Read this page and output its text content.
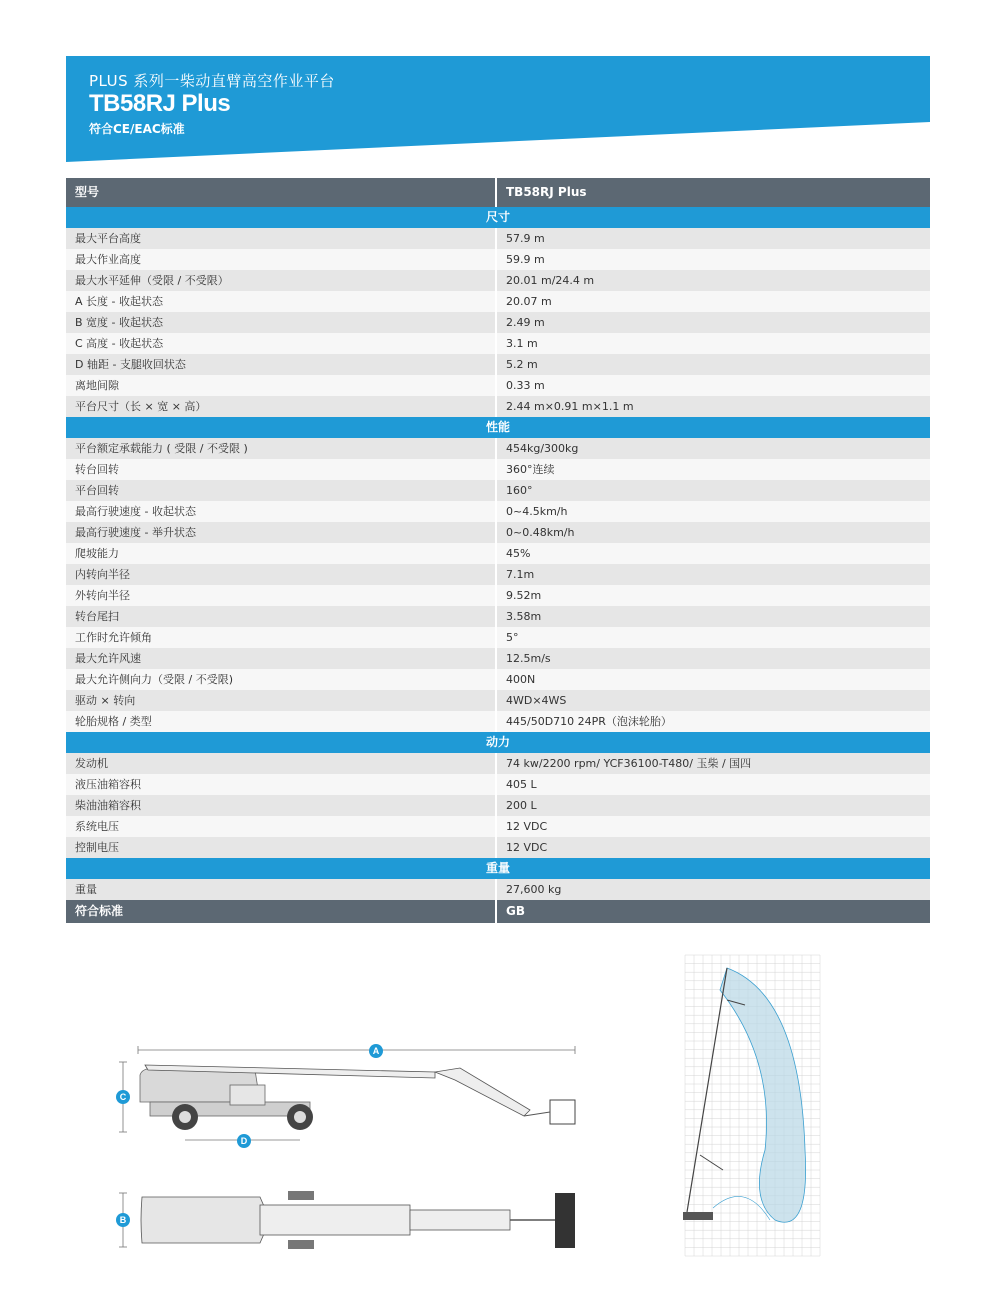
PLUS 系列一柴动直臂高空作业平台
TB58RJ Plus
符合CE/EAC标准
型号	TB58RJ Plus
尺寸
最大平台高度	57.9 m
最大作业高度	59.9 m
最大水平延伸（受限 / 不受限）	20.01 m/24.4 m
A 长度 - 收起状态	20.07 m
B 宽度 - 收起状态	2.49 m
C 高度 - 收起状态	3.1 m
D 轴距 - 支腿收回状态	5.2 m
离地间隙	0.33 m
平台尺寸（长 × 宽 × 高）	2.44 m×0.91 m×1.1 m
性能
平台额定承载能力 ( 受限 / 不受限 )	454kg/300kg
转台回转	360°连续
平台回转	160°
最高行驶速度 - 收起状态	0~4.5km/h
最高行驶速度 - 举升状态	0~0.48km/h
爬坡能力	45%
内转向半径	7.1m
外转向半径	9.52m
转台尾扫	3.58m
工作时允许倾角	5°
最大允许风速	12.5m/s
最大允许侧向力（受限 / 不受限)	400N
驱动 × 转向	4WD×4WS
轮胎规格 / 类型	445/50D710 24PR（泡沫轮胎）
动力
发动机	74 kw/2200 rpm/ YCF36100-T480/ 玉柴 / 国四
液压油箱容积	405 L
柴油油箱容积	200 L
系统电压	12 VDC
控制电压	12 VDC
重量
重量	27,600 kg
符合标准	GB
A
C
D
B
